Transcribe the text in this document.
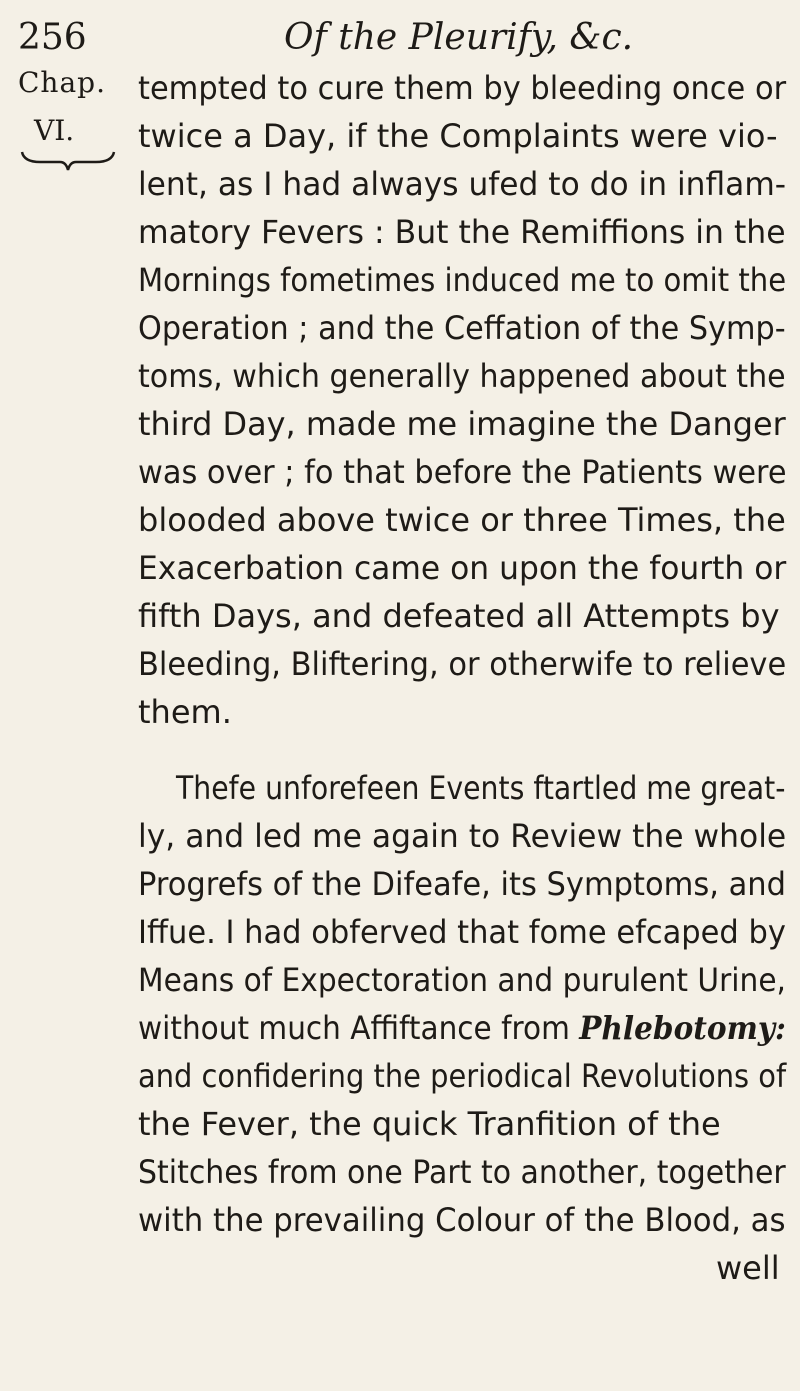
256	Of the Pleurify, &c.
Chap.
VI.
tempted to cure them by bleeding once or
twice a Day, if the Complaints were vio-
lent, as I had always ufed to do in inflam-
matory Fevers : But the Remiffions in the
Mornings fometimes induced me to omit the
Operation ; and the Ceffation of the Symp-
toms, which generally happened about the
third Day, made me imagine the Danger
was over ; fo that before the Patients were
blooded above twice or three Times, the
Exacerbation came on upon the fourth or
fifth Days, and defeated all Attempts by
Bleeding, Bliftering, or otherwife to relieve
them.
Thefe unforefeen Events ftartled me great-
ly, and led me again to Review the whole
Progrefs of the Difeafe, its Symptoms, and
Iffue. I had obferved that fome efcaped by
Means of Expectoration and purulent Urine,
without much Affiftance from Phlebotomy:
and confidering the periodical Revolutions of
the Fever, the quick Tranfition of the
Stitches from one Part to another, together
with the prevailing Colour of the Blood, as
well
